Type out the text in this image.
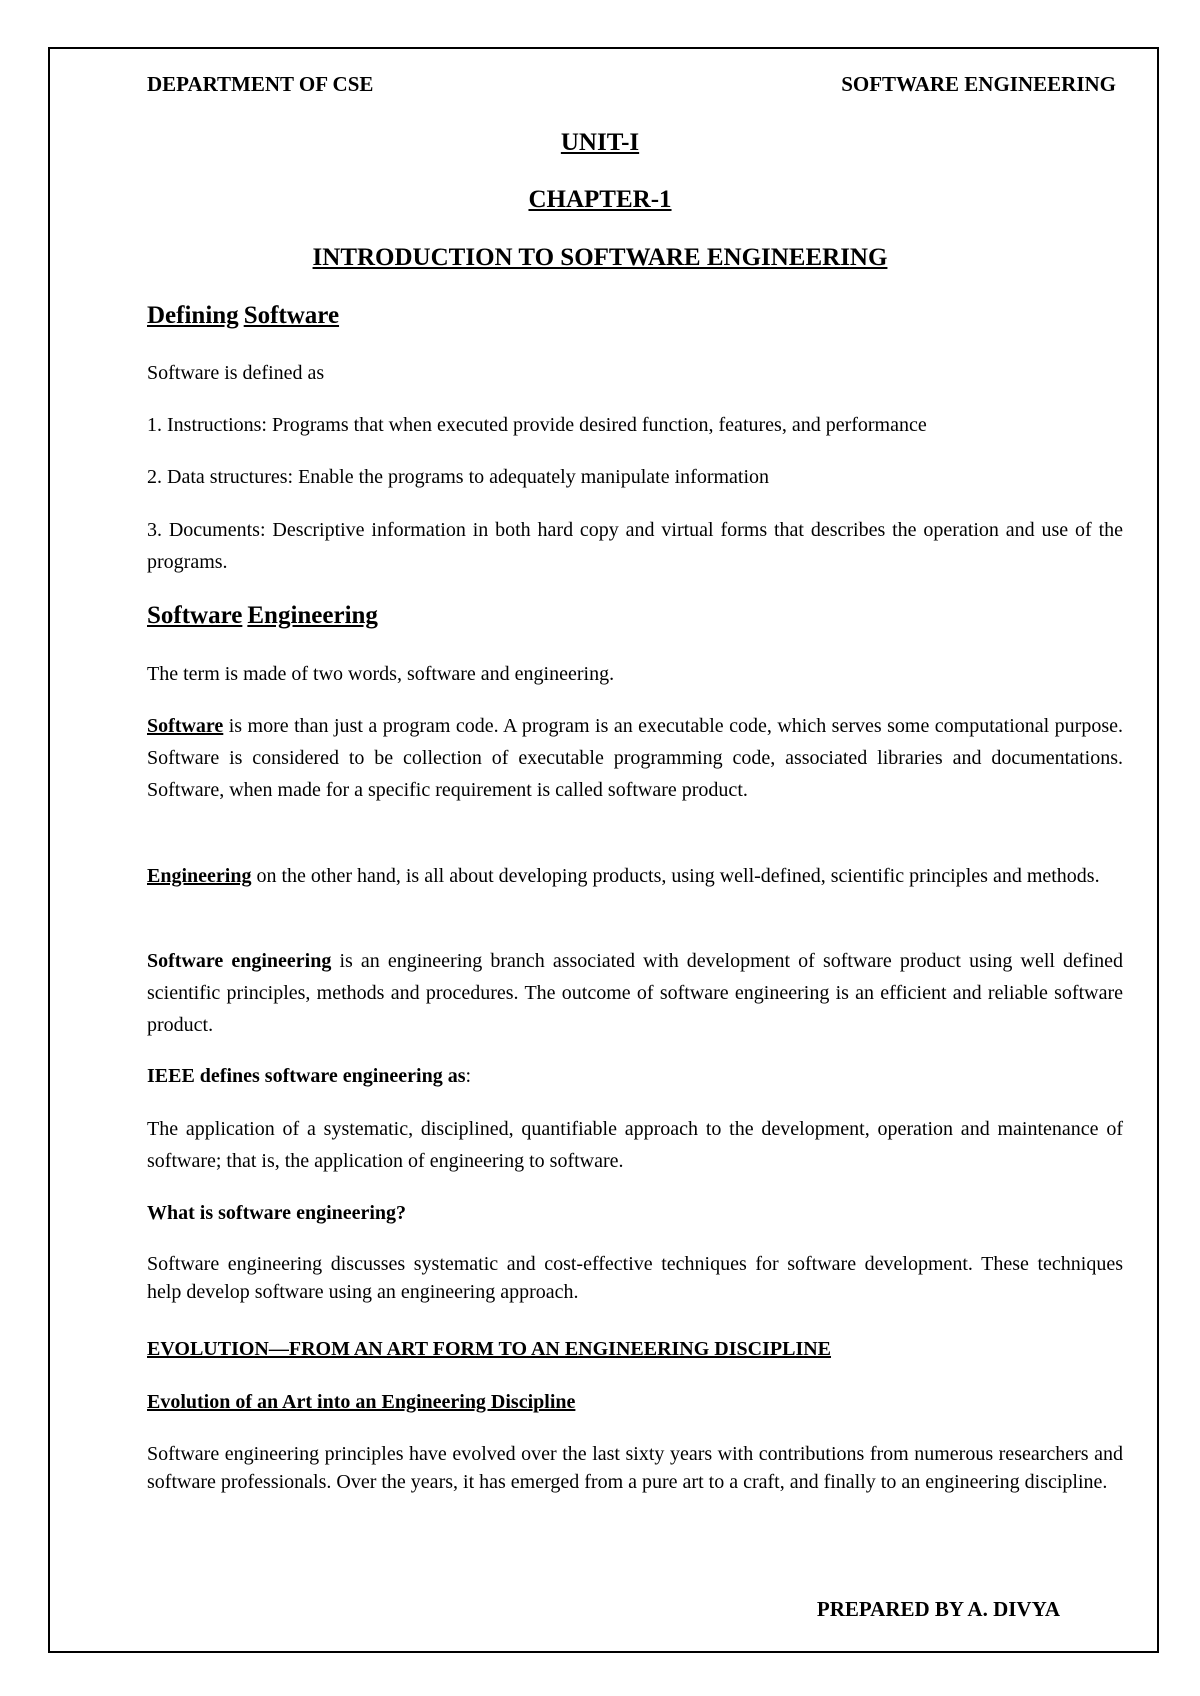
DEPARTMENT OF CSE	SOFTWARE ENGINEERING
UNIT-I
CHAPTER-1
INTRODUCTION TO SOFTWARE ENGINEERING
Defining Software

Software is defined as

1. Instructions: Programs that when executed provide desired function, features, and performance

2. Data structures: Enable the programs to adequately manipulate information

3. Documents: Descriptive information in both hard copy and virtual forms that describes the operation and use of the programs.

Software Engineering

The term is made of two words, software and engineering.

Software is more than just a program code. A program is an executable code, which serves some computational purpose. Software is considered to be collection of executable programming code, associated libraries and documentations. Software, when made for a specific requirement is called software product.

Engineering on the other hand, is all about developing products, using well-defined, scientific principles and methods.

Software engineering is an engineering branch associated with development of software product using well defined scientific principles, methods and procedures. The outcome of software engineering is an efficient and reliable software product.

IEEE defines software engineering as:

The application of a systematic, disciplined, quantifiable approach to the development, operation and maintenance of software; that is, the application of engineering to software.

What is software engineering?

Software engineering discusses systematic and cost-effective techniques for software development. These techniques help develop software using an engineering approach.

EVOLUTION—FROM AN ART FORM TO AN ENGINEERING DISCIPLINE

Evolution of an Art into an Engineering Discipline

Software engineering principles have evolved over the last sixty years with contributions from numerous researchers and software professionals. Over the years, it has emerged from a pure art to a craft, and finally to an engineering discipline.

PREPARED BY A. DIVYA
